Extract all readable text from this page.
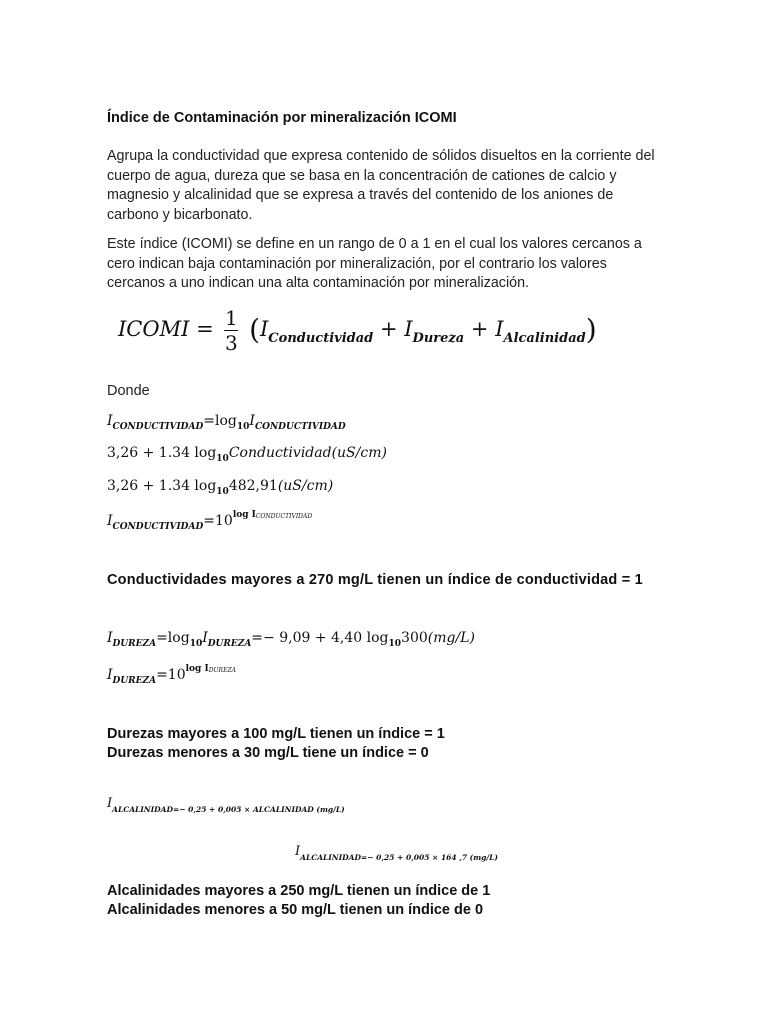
Índice de Contaminación por mineralización ICOMI
Agrupa la conductividad que expresa contenido de sólidos disueltos en la corriente del cuerpo de agua, dureza que se basa en la concentración de cationes de calcio y magnesio y alcalinidad que se expresa a través del contenido de los aniones de carbono y bicarbonato.
Este índice (ICOMI) se define en un rango de 0 a 1 en el cual los valores cercanos a cero indican baja contaminación por mineralización, por el contrario los valores cercanos a uno indican una alta contaminación por mineralización.
ICOMI = $\frac{1}{3} (I_{Conductividad} + I_{Dureza} + I_{Alcalinidad})$
Donde
$I_{CONDUCTIVIDAD}=\log_{10}I_{CONDUCTIVIDAD}$
3,26 + 1.34 $\log_{10}Conductividad(uS/cm)$
3,26 + 1.34 $\log_{10}482,91(uS/cm)$
$I_{CONDUCTIVIDAD}=10^{log ICONDUCTIVIDAD}$
Conductividades mayores a 270 mg/L tienen un índice de conductividad = 1
$I_{DUREZA}=\log_{10}I_{DUREZA}=- 9,09 + 4,40$ $\log_{10}300(mg/L)$
$I_{DUREZA}=10^{log IDUREZA}$
Durezas mayores a 100 mg/L tienen un índice = 1
Durezas menores a 30 mg/L tiene un índice = 0
$I_{ALCALINIDAD=- 0,25 + 0,005 \times ALCALINIDAD (mg/L)}$
$I_{ALCALINIDAD=- 0,25 + 0,005 \times 164 ,7 (mg/L)}$
Alcalinidades mayores a 250 mg/L tienen un índice de 1
Alcalinidades menores a 50 mg/L tienen un índice de 0
